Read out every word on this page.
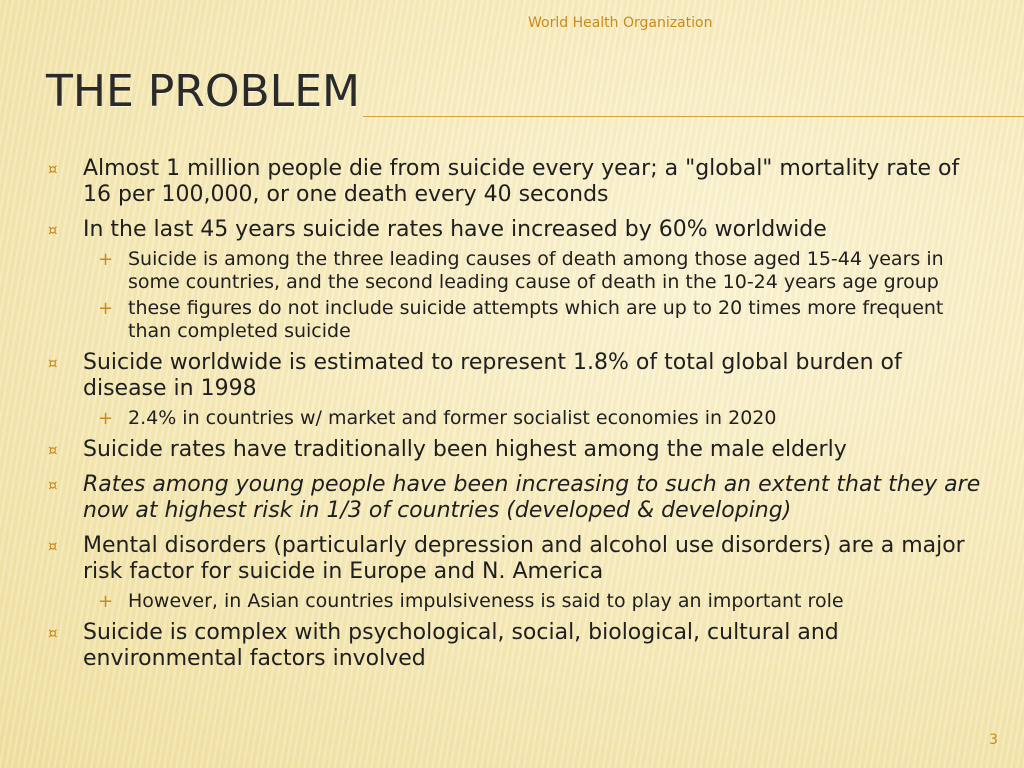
World Health Organization
THE PROBLEM
¤ Almost 1 million people die from suicide every year; a "global" mortality rate of 16 per 100,000, or one death every 40 seconds
¤ In the last 45 years suicide rates have increased by 60% worldwide
+ Suicide is among the three leading causes of death among those aged 15-44 years in some countries, and the second leading cause of death in the 10-24 years age group
+ these figures do not include suicide attempts which are up to 20 times more frequent than completed suicide
¤ Suicide worldwide is estimated to represent 1.8% of total global burden of disease in 1998
+ 2.4% in countries w/ market and former socialist economies in 2020
¤ Suicide rates have traditionally been highest among the male elderly
¤ Rates among young people have been increasing to such an extent that they are now at highest risk in 1/3 of countries (developed & developing)
¤ Mental disorders (particularly depression and alcohol use disorders) are a major risk factor for suicide in Europe and N. America
+ However, in Asian countries impulsiveness is said to play an important role
¤ Suicide is complex with psychological, social, biological, cultural and environmental factors involved
3
